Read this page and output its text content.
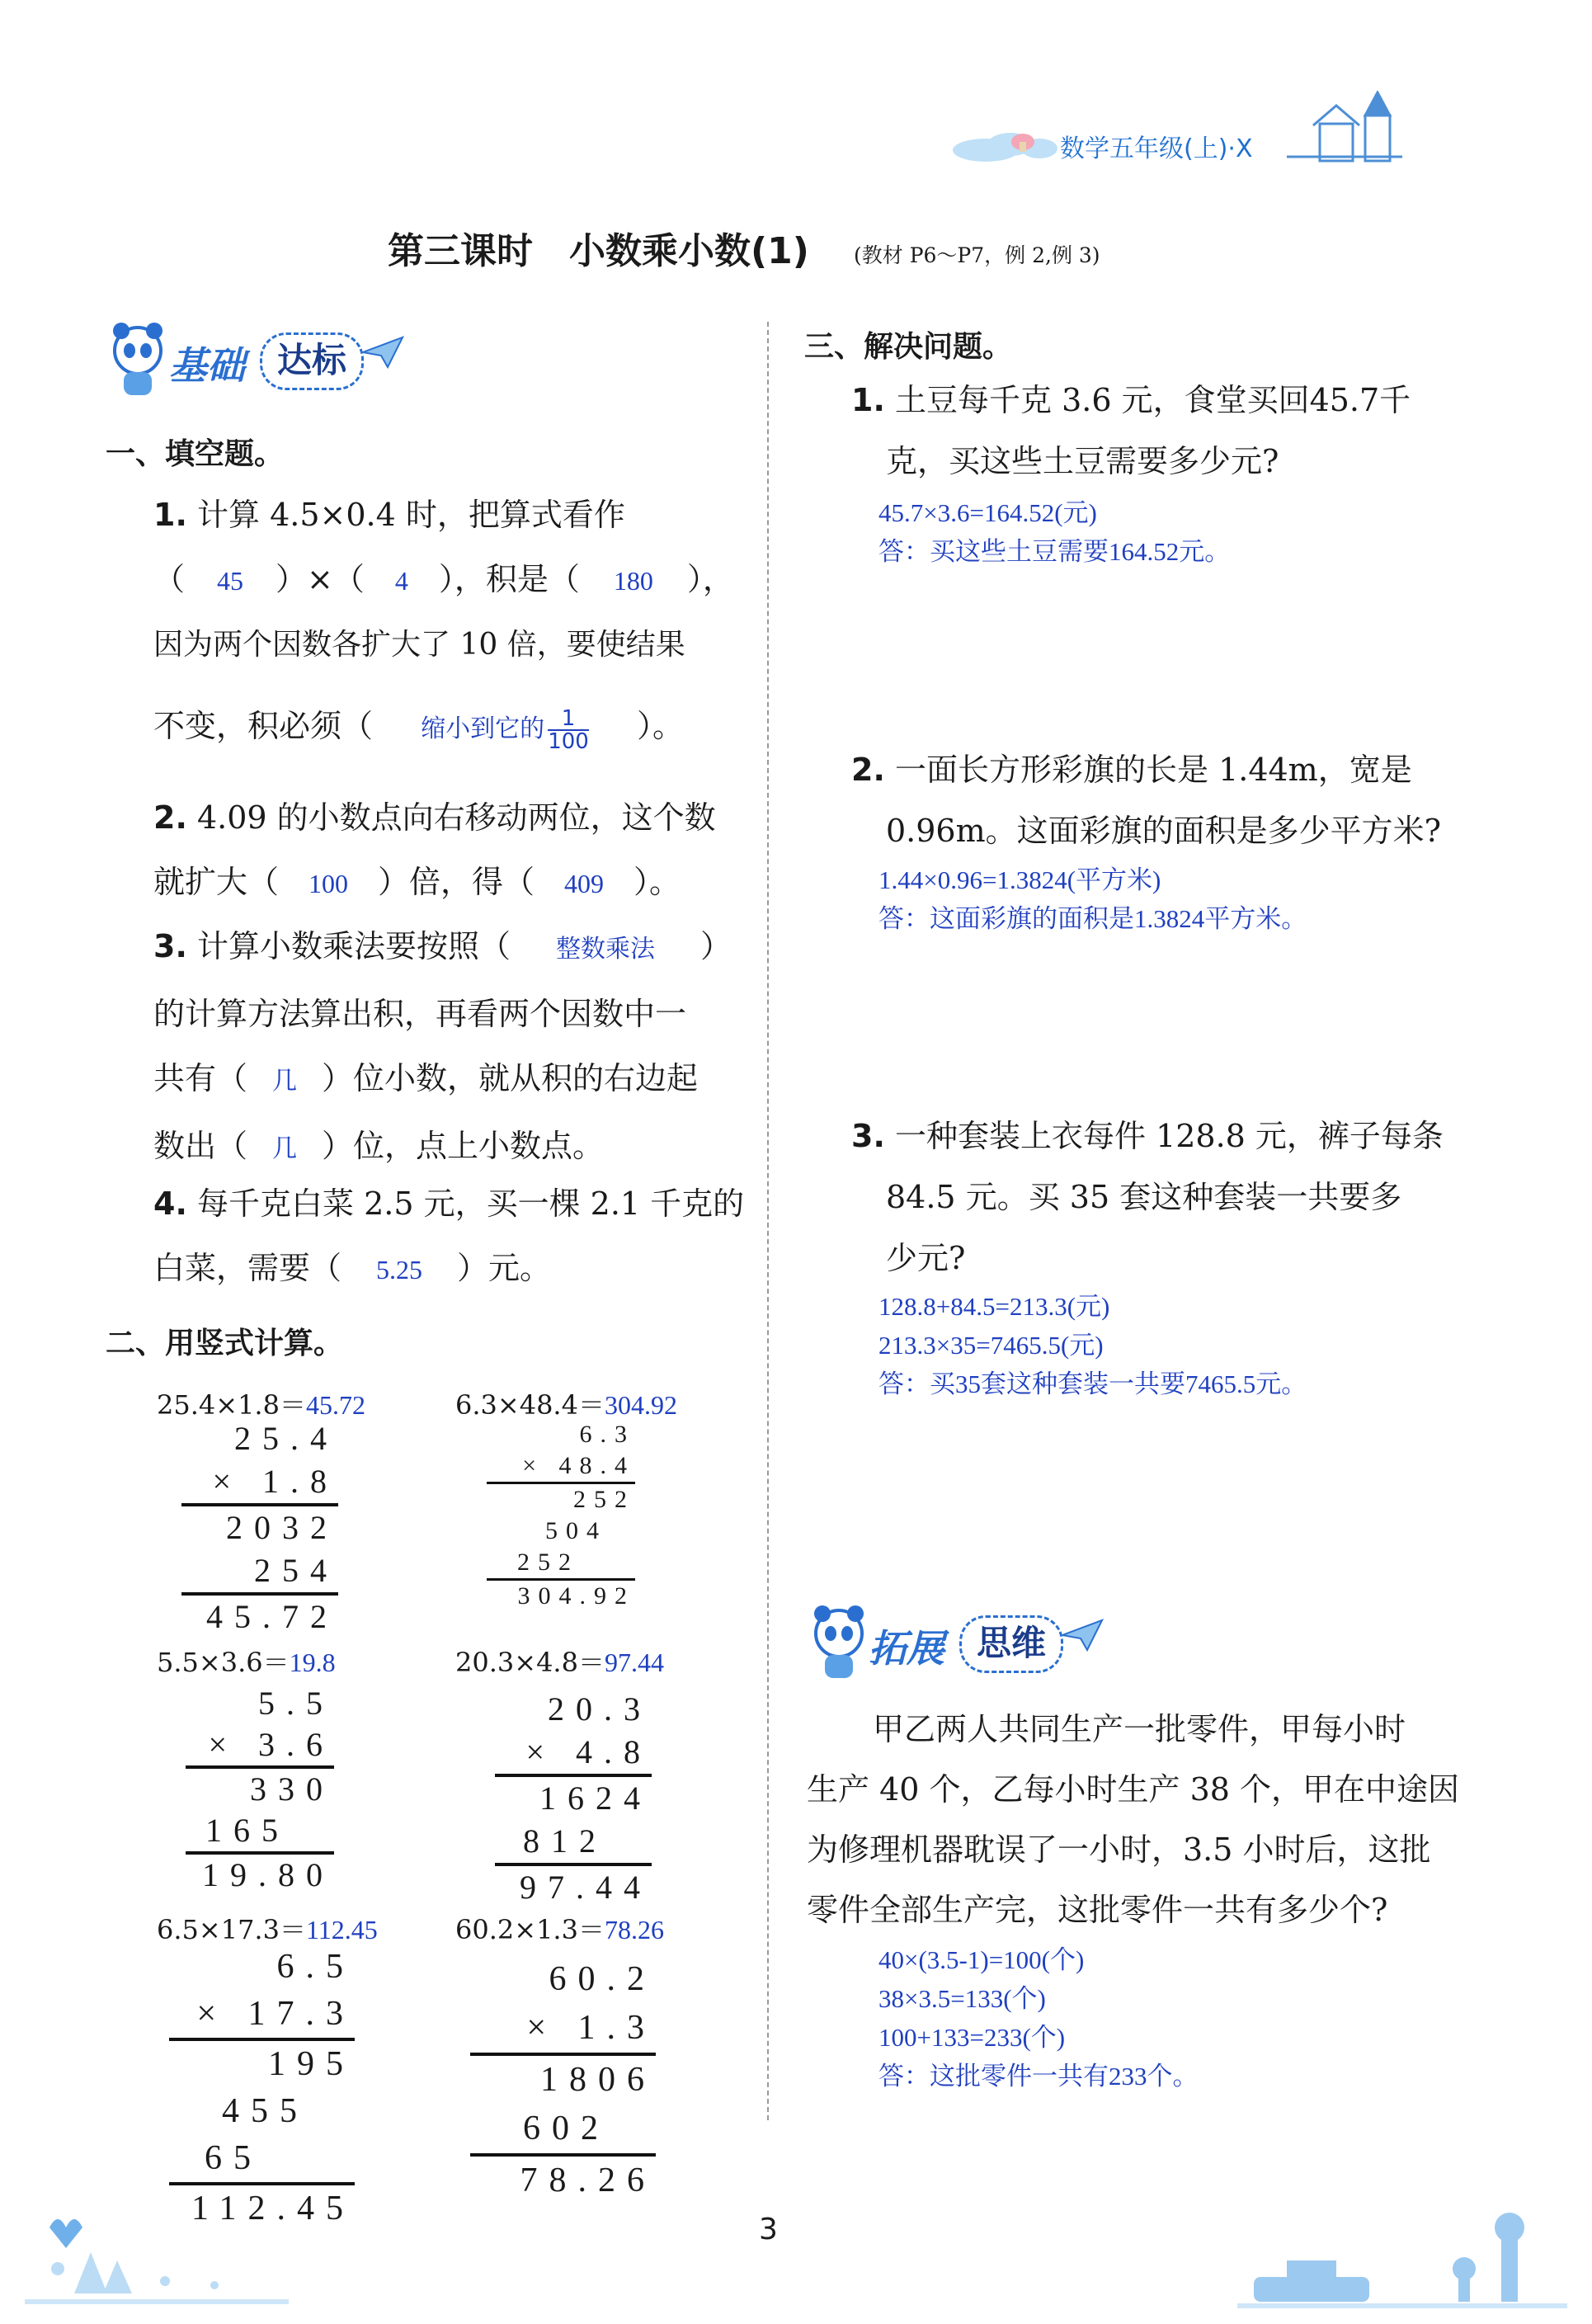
数学五年级(上)·X
第三课时　小数乘小数(1) (教材 P6～P7，例 2,例 3)
基础 达标
一、填空题。
1. 计算 4.5×0.4 时，把算式看作
（ 45 ）×（ 4 ），积是（ 180 ），
因为两个因数各扩大了 10 倍，要使结果
不变，积必须（ 缩小到它的 $\frac{1}{100}$ ）。
2. 4.09 的小数点向右移动两位，这个数
就扩大（ 100 ）倍，得（ 409 ）。
3. 计算小数乘法要按照（ 整数乘法 ）
的计算方法算出积，再看两个因数中一
共有（ 几 ）位小数，就从积的右边起
数出（ 几 ）位，点上小数点。
4. 每千克白菜 2.5 元，买一棵 2.1 千克的
白菜，需要（ 5.25 ）元。
二、用竖式计算。
25.4×1.8＝45.72
25.4
× 1.8
2032
254
45.72
6.3×48.4＝304.92
6.3
× 48.4
252
504
252
304.92
5.5×3.6＝19.8
5.5
× 3.6
330
165
19.80
20.3×4.8＝97.44
20.3
× 4.8
1624
812
97.44
6.5×17.3＝112.45
6.5
× 17.3
195
455
65
112.45
60.2×1.3＝78.26
60.2
× 1.3
1806
602
78.26
三、解决问题。
1. 土豆每千克 3.6 元，食堂买回45.7千
克，买这些土豆需要多少元?
45.7×3.6=164.52(元)
答：买这些土豆需要164.52元。
2. 一面长方形彩旗的长是 1.44m，宽是
0.96m。这面彩旗的面积是多少平方米?
1.44×0.96=1.3824(平方米)
答：这面彩旗的面积是1.3824平方米。
3. 一种套装上衣每件 128.8 元，裤子每条
84.5 元。买 35 套这种套装一共要多
少元?
128.8+84.5=213.3(元)
213.3×35=7465.5(元)
答：买35套这种套装一共要7465.5元。
拓展 思维
甲乙两人共同生产一批零件，甲每小时
生产 40 个，乙每小时生产 38 个，甲在中途因
为修理机器耽误了一小时，3.5 小时后，这批
零件全部生产完，这批零件一共有多少个?
40×(3.5-1)=100(个)
38×3.5=133(个)
100+133=233(个)
答：这批零件一共有233个。
3
